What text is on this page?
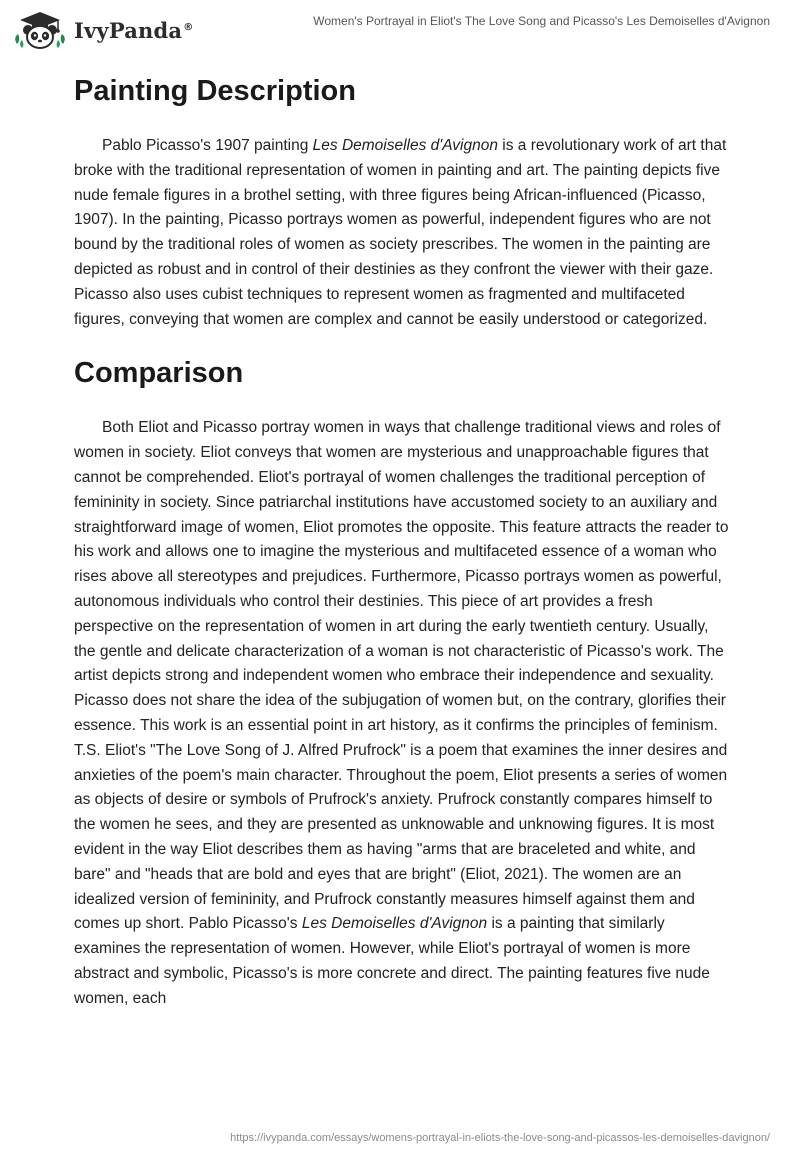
IvyPanda®	Women's Portrayal in Eliot's The Love Song and Picasso's Les Demoiselles d'Avignon
Painting Description

Pablo Picasso's 1907 painting Les Demoiselles d'Avignon is a revolutionary work of art that broke with the traditional representation of women in painting and art. The painting depicts five nude female figures in a brothel setting, with three figures being African-influenced (Picasso, 1907). In the painting, Picasso portrays women as powerful, independent figures who are not bound by the traditional roles of women as society prescribes. The women in the painting are depicted as robust and in control of their destinies as they confront the viewer with their gaze. Picasso also uses cubist techniques to represent women as fragmented and multifaceted figures, conveying that women are complex and cannot be easily understood or categorized.

Comparison

Both Eliot and Picasso portray women in ways that challenge traditional views and roles of women in society. Eliot conveys that women are mysterious and unapproachable figures that cannot be comprehended. Eliot's portrayal of women challenges the traditional perception of femininity in society. Since patriarchal institutions have accustomed society to an auxiliary and straightforward image of women, Eliot promotes the opposite. This feature attracts the reader to his work and allows one to imagine the mysterious and multifaceted essence of a woman who rises above all stereotypes and prejudices. Furthermore, Picasso portrays women as powerful, autonomous individuals who control their destinies. This piece of art provides a fresh perspective on the representation of women in art during the early twentieth century. Usually, the gentle and delicate characterization of a woman is not characteristic of Picasso's work. The artist depicts strong and independent women who embrace their independence and sexuality. Picasso does not share the idea of the subjugation of women but, on the contrary, glorifies their essence. This work is an essential point in art history, as it confirms the principles of feminism. T.S. Eliot's "The Love Song of J. Alfred Prufrock" is a poem that examines the inner desires and anxieties of the poem's main character. Throughout the poem, Eliot presents a series of women as objects of desire or symbols of Prufrock's anxiety. Prufrock constantly compares himself to the women he sees, and they are presented as unknowable and unknowing figures. It is most evident in the way Eliot describes them as having "arms that are braceleted and white, and bare" and "heads that are bold and eyes that are bright" (Eliot, 2021). The women are an idealized version of femininity, and Prufrock constantly measures himself against them and comes up short. Pablo Picasso's Les Demoiselles d'Avignon is a painting that similarly examines the representation of women. However, while Eliot's portrayal of women is more abstract and symbolic, Picasso's is more concrete and direct. The painting features five nude women, each

https://ivypanda.com/essays/womens-portrayal-in-eliots-the-love-song-and-picassos-les-demoiselles-davignon/
